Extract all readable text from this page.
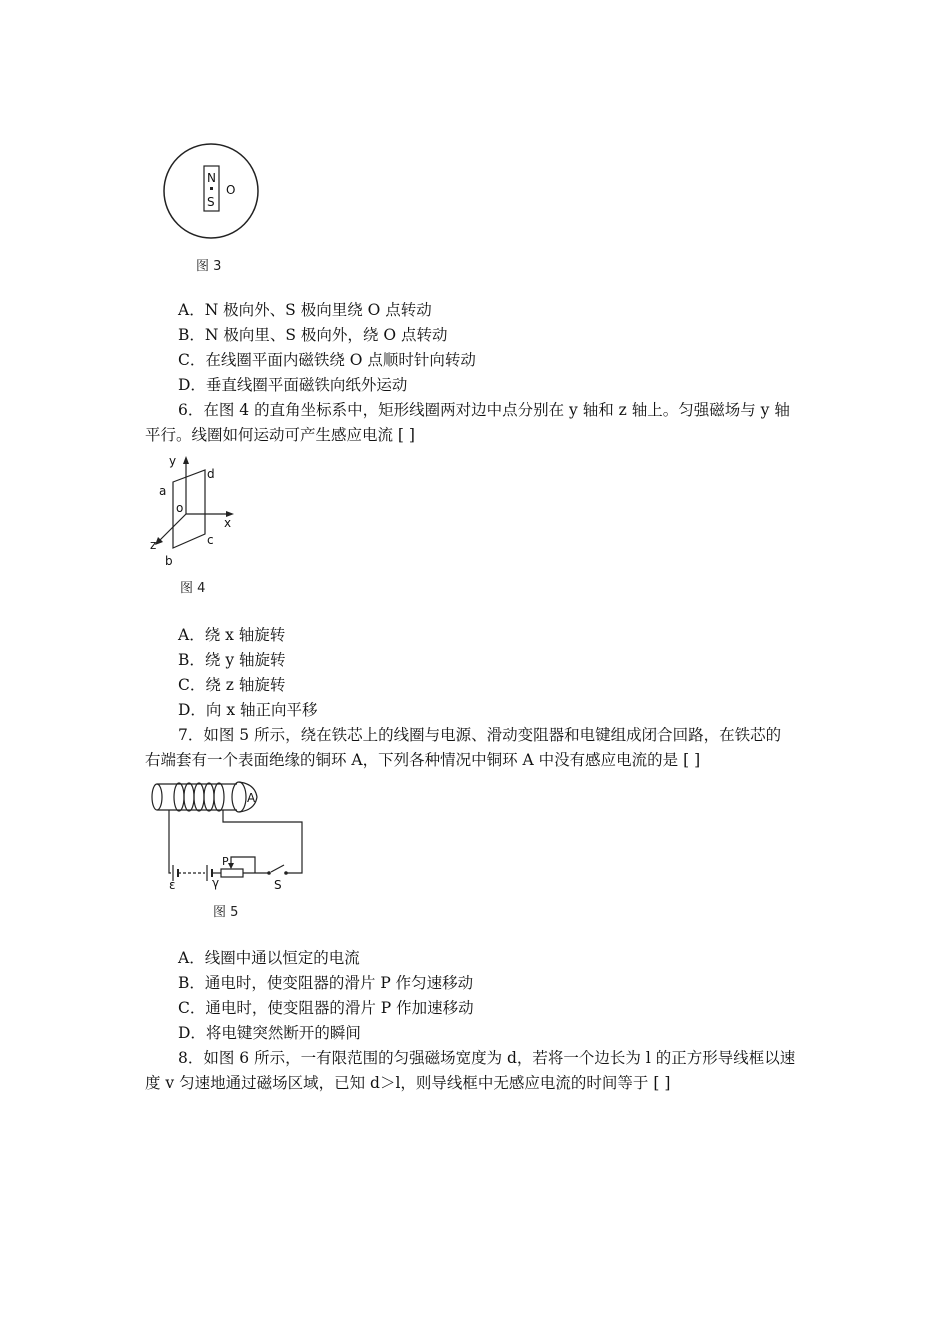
N
S
O
图 3
A．N 极向外、S 极向里绕 O 点转动
B．N 极向里、S 极向外，绕 O 点转动
C．在线圈平面内磁铁绕 O 点顺时针向转动
D．垂直线圈平面磁铁向纸外运动
6．在图 4 的直角坐标系中，矩形线圈两对边中点分别在 y 轴和 z 轴上。匀强磁场与 y 轴
平行。线圈如何运动可产生感应电流 [ ]
y
d
a
o
x
c
z
b
图 4
A．绕 x 轴旋转
B．绕 y 轴旋转
C．绕 z 轴旋转
D．向 x 轴正向平移
7．如图 5 所示，绕在铁芯上的线圈与电源、滑动变阻器和电键组成闭合回路，在铁芯的
右端套有一个表面绝缘的铜环 A，下列各种情况中铜环 A 中没有感应电流的是 [ ]
A
P
ε	γ	S
图 5
A．线圈中通以恒定的电流
B．通电时，使变阻器的滑片 P 作匀速移动
C．通电时，使变阻器的滑片 P 作加速移动
D．将电键突然断开的瞬间
8．如图 6 所示，一有限范围的匀强磁场宽度为 d，若将一个边长为 l 的正方形导线框以速
度 v 匀速地通过磁场区域，已知 d＞l，则导线框中无感应电流的时间等于 [ ]
